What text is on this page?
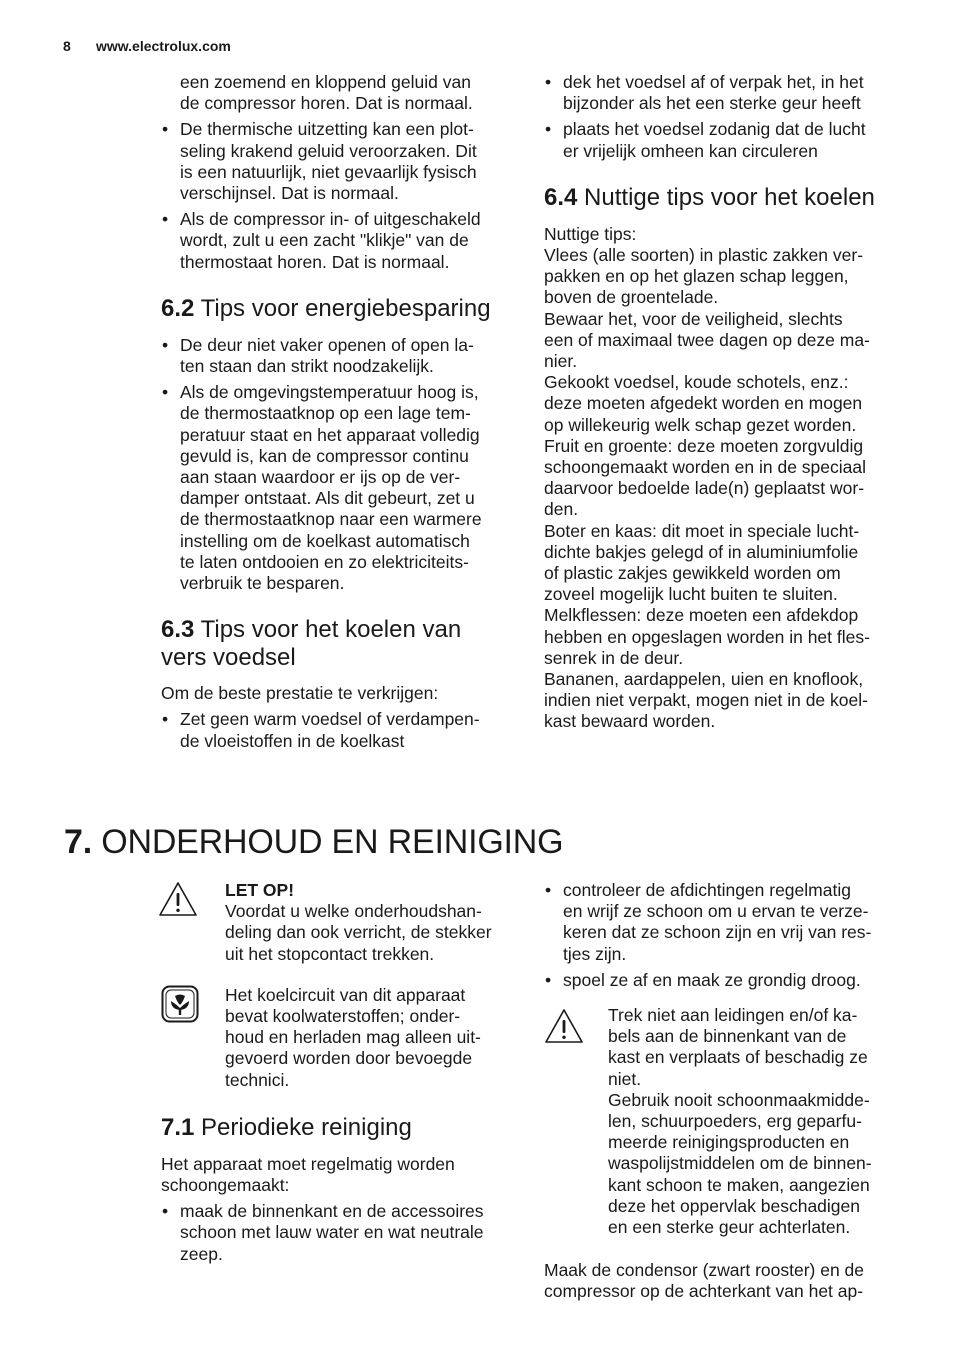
8 www.electrolux.com

een zoemend en kloppend geluid van
de compressor horen. Dat is normaal.

• De thermische uitzetting kan een plot-
seling krakend geluid veroorzaken. Dit
is een natuurlijk, niet gevaarlijk fysisch
verschijnsel. Dat is normaal.
• Als de compressor in- of uitgeschakeld
wordt, zult u een zacht "klikje" van de
thermostaat horen. Dat is normaal.
6.2 Tips voor energiebesparing
• De deur niet vaker openen of open la-
ten staan dan strikt noodzakelijk.
• Als de omgevingstemperatuur hoog is,
de thermostaatknop op een lage tem-
peratuur staat en het apparaat volledig
gevuld is, kan de compressor continu
aan staan waardoor er ijs op de ver-
damper ontstaat. Als dit gebeurt, zet u
de thermostaatknop naar een warmere
instelling om de koelkast automatisch
te laten ontdooien en zo elektriciteits-
verbruik te besparen.
6.3 Tips voor het koelen van
vers voedsel

Om de beste prestatie te verkrijgen:

• Zet geen warm voedsel of verdampen-
de vloeistoffen in de koelkast
• dek het voedsel af of verpak het, in het
bijzonder als het een sterke geur heeft
• plaats het voedsel zodanig dat de lucht
er vrijelijk omheen kan circuleren
6.4 Nuttige tips voor het koelen

Nuttige tips:
Vlees (alle soorten) in plastic zakken ver-
pakken en op het glazen schap leggen,
boven de groentelade.
Bewaar het, voor de veiligheid, slechts
een of maximaal twee dagen op deze ma-
nier.
Gekookt voedsel, koude schotels, enz.:
deze moeten afgedekt worden en mogen
op willekeurig welk schap gezet worden.
Fruit en groente: deze moeten zorgvuldig
schoongemaakt worden en in de speciaal
daarvoor bedoelde lade(n) geplaatst wor-
den.
Boter en kaas: dit moet in speciale lucht-
dichte bakjes gelegd of in aluminiumfolie
of plastic zakjes gewikkeld worden om
zoveel mogelijk lucht buiten te sluiten.
Melkflessen: deze moeten een afdekdop
hebben en opgeslagen worden in het fles-
senrek in de deur.
Bananen, aardappelen, uien en knoflook,
indien niet verpakt, mogen niet in de koel-
kast bewaard worden.

7. ONDERHOUD EN REINIGING
LET OP!
Voordat u welke onderhoudshan-
deling dan ook verricht, de stekker
uit het stopcontact trekken.
Het koelcircuit van dit apparaat
bevat koolwaterstoffen; onder-
houd en herladen mag alleen uit-
gevoerd worden door bevoegde
technici.
7.1 Periodieke reiniging

Het apparaat moet regelmatig worden
schoongemaakt:

• maak de binnenkant en de accessoires
schoon met lauw water en wat neutrale
zeep.
• controleer de afdichtingen regelmatig
en wrijf ze schoon om u ervan te verze-
keren dat ze schoon zijn en vrij van res-
tjes zijn.
• spoel ze af en maak ze grondig droog.
Trek niet aan leidingen en/of ka-
bels aan de binnenkant van de
kast en verplaats of beschadig ze
niet.
Gebruik nooit schoonmaakmidde-
len, schuurpoeders, erg geparfu-
meerde reinigingsproducten en
waspolijstmiddelen om de binnen-
kant schoon te maken, aangezien
deze het oppervlak beschadigen
en een sterke geur achterlaten.

Maak de condensor (zwart rooster) en de
compressor op de achterkant van het ap-
